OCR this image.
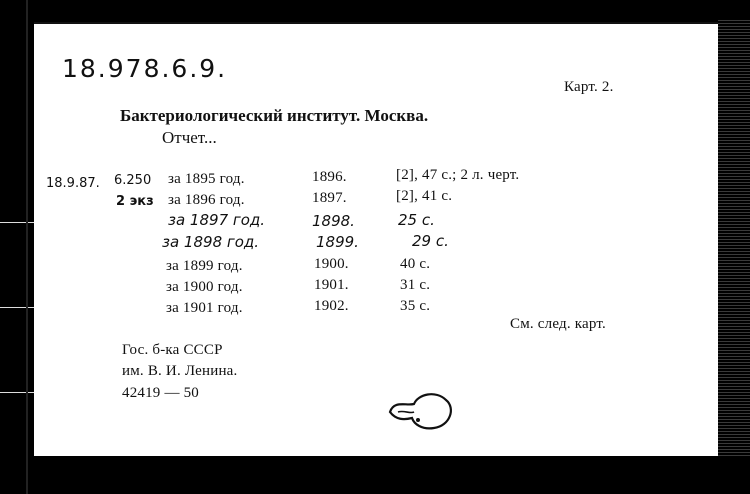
18.978.6.9.
Карт. 2.
Бактериологический институт. Москва.
Отчет...
18.9.87. 6.250 за 1895 год.	1896.	[2], 47 с.; 2 л. черт.
2 экз за 1896 год.	1897.	[2], 41 с.
за 1897 год.	1898.	25 с.
за 1898 год.	1899.	29 с.
за 1899 год.	1900.	40 с.
за 1900 год.	1901.	31 с.
за 1901 год.	1902.	35 с.
См. след. карт.
Гос. б-ка СССР
им. В. И. Ленина.
42419 — 50
